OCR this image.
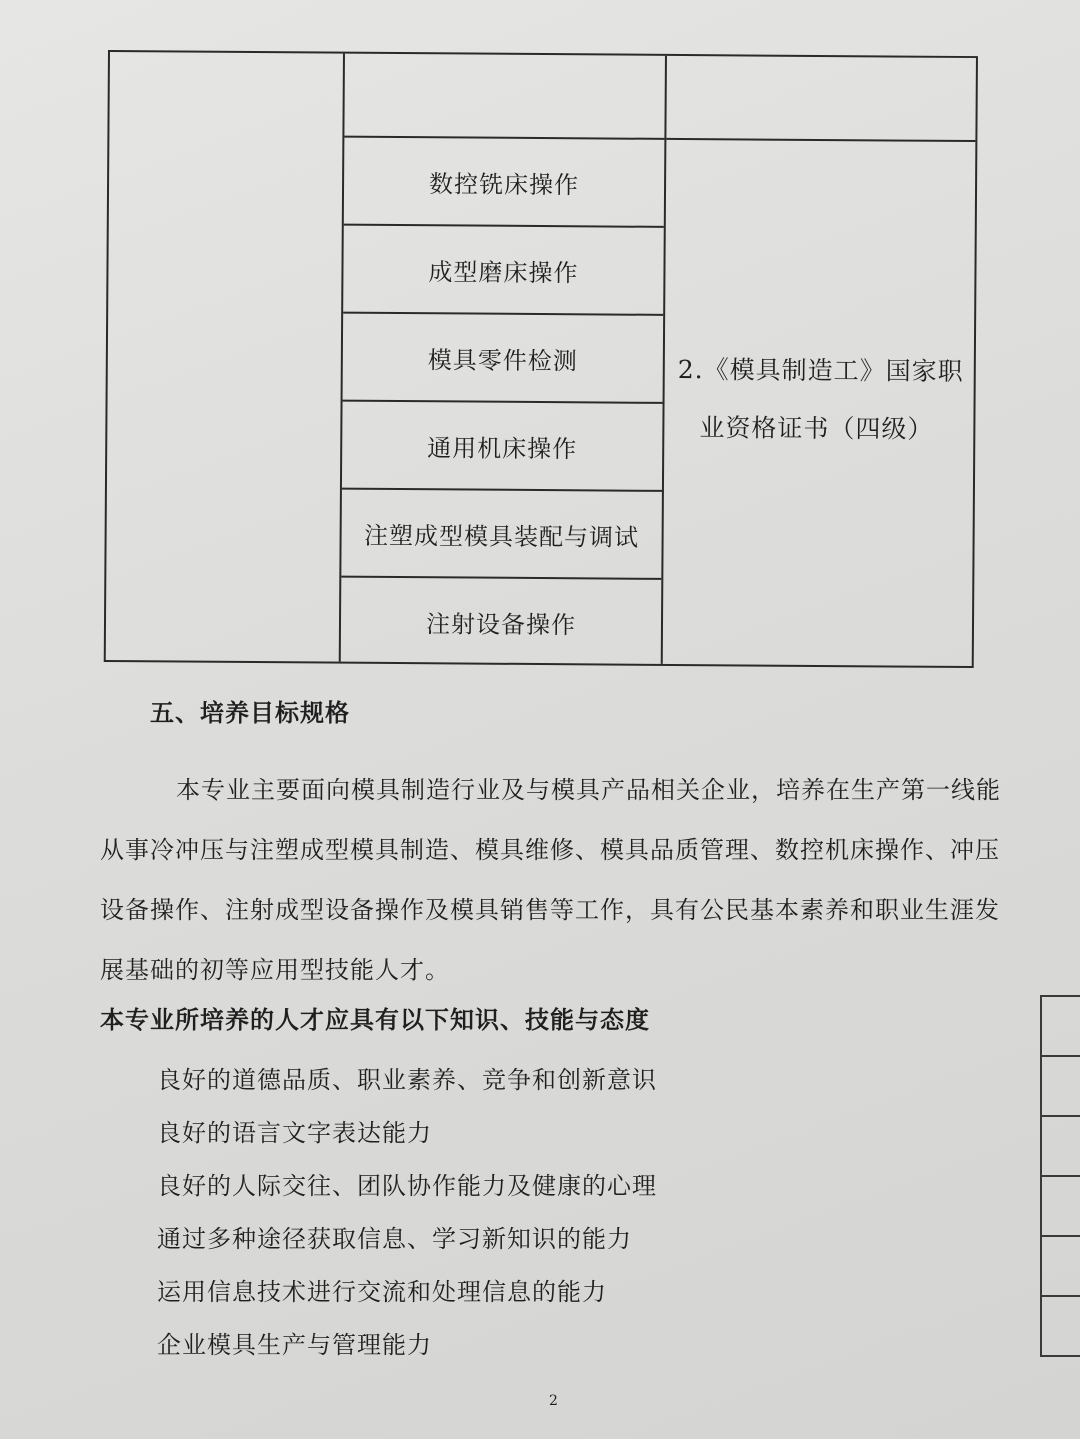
数控铣床操作
成型磨床操作
模具零件检测
通用机床操作
注塑成型模具装配与调试
注射设备操作
2.《模具制造工》国家职
业资格证书（四级）
五、培养目标规格
本专业主要面向模具制造行业及与模具产品相关企业，培养在生产第一线能从事冷冲压与注塑成型模具制造、模具维修、模具品质管理、数控机床操作、冲压设备操作、注射成型设备操作及模具销售等工作，具有公民基本素养和职业生涯发展基础的初等应用型技能人才。
本专业所培养的人才应具有以下知识、技能与态度
良好的道德品质、职业素养、竞争和创新意识
良好的语言文字表达能力
良好的人际交往、团队协作能力及健康的心理
通过多种途径获取信息、学习新知识的能力
运用信息技术进行交流和处理信息的能力
企业模具生产与管理能力
2
